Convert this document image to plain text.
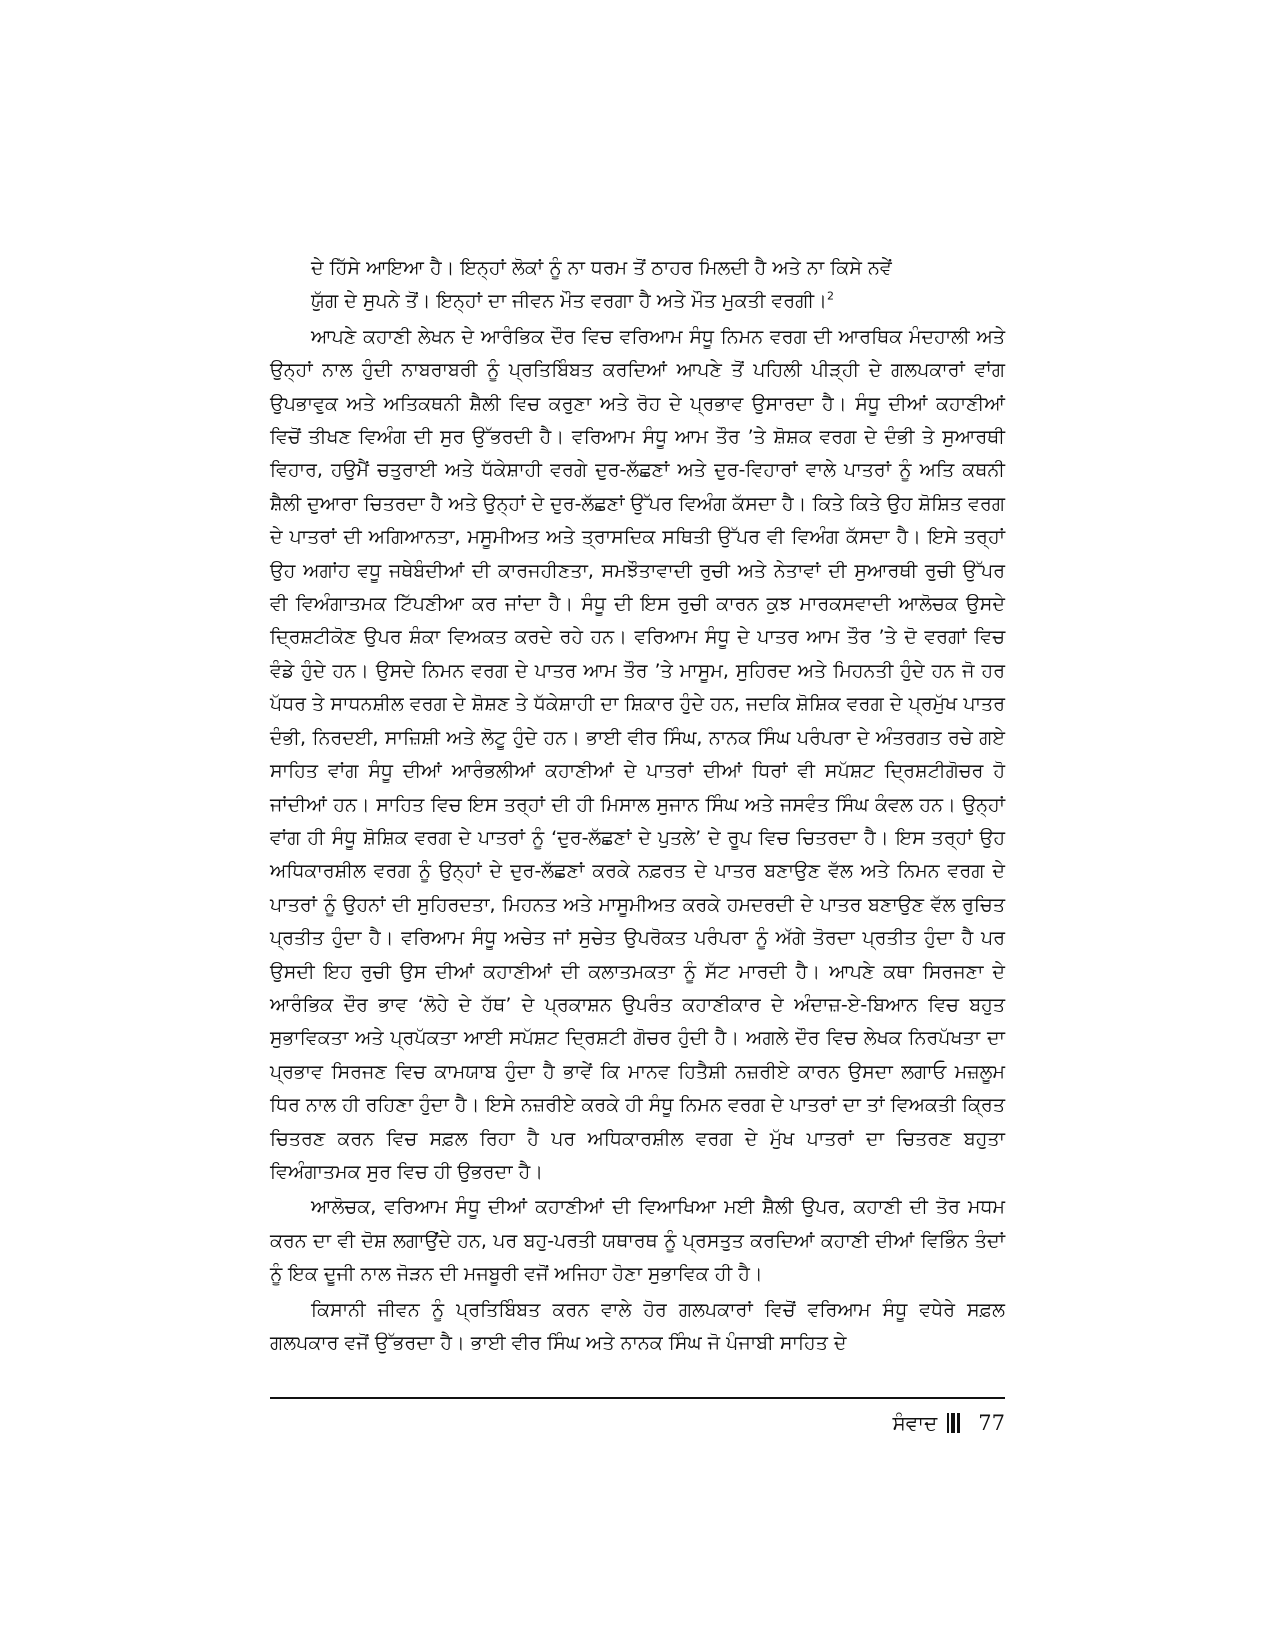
ਦੇ ਹਿੱਸੇ ਆਇਆ ਹੈ। ਇਨ੍ਹਾਂ ਲੋਕਾਂ ਨੂੰ ਨਾ ਧਰਮ ਤੋਂ ਠਾਹਰ ਮਿਲਦੀ ਹੈ ਅਤੇ ਨਾ ਕਿਸੇ ਨਵੇਂ
ਯੁੱਗ ਦੇ ਸੁਪਨੇ ਤੋਂ। ਇਨ੍ਹਾਂ ਦਾ ਜੀਵਨ ਮੌਤ ਵਰਗਾ ਹੈ ਅਤੇ ਮੌਤ ਮੁਕਤੀ ਵਰਗੀ।$^2$

ਆਪਣੇ ਕਹਾਣੀ ਲੇਖਨ ਦੇ ਆਰੰਭਿਕ ਦੌਰ ਵਿਚ ਵਰਿਆਮ ਸੰਧੂ ਨਿਮਨ ਵਰਗ ਦੀ ਆਰਥਿਕ ਮੰਦਹਾਲੀ ਅਤੇ ਉਨ੍ਹਾਂ ਨਾਲ ਹੁੰਦੀ ਨਾਬਰਾਬਰੀ ਨੂੰ ਪ੍ਰਤਿਬਿੰਬਤ ਕਰਦਿਆਂ ਆਪਣੇ ਤੋਂ ਪਹਿਲੀ ਪੀੜ੍ਹੀ ਦੇ ਗਲਪਕਾਰਾਂ ਵਾਂਗ ਉਪਭਾਵੁਕ ਅਤੇ ਅਤਿਕਥਨੀ ਸ਼ੈਲੀ ਵਿਚ ਕਰੁਣਾ ਅਤੇ ਰੋਹ ਦੇ ਪ੍ਰਭਾਵ ਉਸਾਰਦਾ ਹੈ। ਸੰਧੂ ਦੀਆਂ ਕਹਾਣੀਆਂ ਵਿਚੋਂ ਤੀਖਣ ਵਿਅੰਗ ਦੀ ਸੁਰ ਉੱਭਰਦੀ ਹੈ। ਵਰਿਆਮ ਸੰਧੂ ਆਮ ਤੌਰ ’ਤੇ ਸ਼ੋਸ਼ਕ ਵਰਗ ਦੇ ਦੰਭੀ ਤੇ ਸੁਆਰਥੀ ਵਿਹਾਰ, ਹਉਮੈਂ ਚਤੁਰਾਈ ਅਤੇ ਧੱਕੇਸ਼ਾਹੀ ਵਰਗੇ ਦੁਰ-ਲੱਛਣਾਂ ਅਤੇ ਦੁਰ-ਵਿਹਾਰਾਂ ਵਾਲੇ ਪਾਤਰਾਂ ਨੂੰ ਅਤਿ ਕਥਨੀ ਸ਼ੈਲੀ ਦੁਆਰਾ ਚਿਤਰਦਾ ਹੈ ਅਤੇ ਉਨ੍ਹਾਂ ਦੇ ਦੁਰ-ਲੱਛਣਾਂ ਉੱਪਰ ਵਿਅੰਗ ਕੱਸਦਾ ਹੈ। ਕਿਤੇ ਕਿਤੇ ਉਹ ਸ਼ੋਸ਼ਿਤ ਵਰਗ ਦੇ ਪਾਤਰਾਂ ਦੀ ਅਗਿਆਨਤਾ, ਮਸੂਮੀਅਤ ਅਤੇ ਤ੍ਰਾਸਦਿਕ ਸਥਿਤੀ ਉੱਪਰ ਵੀ ਵਿਅੰਗ ਕੱਸਦਾ ਹੈ। ਇਸੇ ਤਰ੍ਹਾਂ ਉਹ ਅਗਾਂਹ ਵਧੂ ਜਥੇਬੰਦੀਆਂ ਦੀ ਕਾਰਜਹੀਣਤਾ, ਸਮਝੌਤਾਵਾਦੀ ਰੁਚੀ ਅਤੇ ਨੇਤਾਵਾਂ ਦੀ ਸੁਆਰਥੀ ਰੁਚੀ ਉੱਪਰ ਵੀ ਵਿਅੰਗਾਤਮਕ ਟਿੱਪਣੀਆ ਕਰ ਜਾਂਦਾ ਹੈ। ਸੰਧੂ ਦੀ ਇਸ ਰੁਚੀ ਕਾਰਨ ਕੁਝ ਮਾਰਕਸਵਾਦੀ ਆਲੋਚਕ ਉਸਦੇ ਦ੍ਰਿਸ਼ਟੀਕੋਣ ਉਪਰ ਸ਼ੰਕਾ ਵਿਅਕਤ ਕਰਦੇ ਰਹੇ ਹਨ। ਵਰਿਆਮ ਸੰਧੂ ਦੇ ਪਾਤਰ ਆਮ ਤੌਰ ’ਤੇ ਦੋ ਵਰਗਾਂ ਵਿਚ ਵੰਡੇ ਹੁੰਦੇ ਹਨ। ਉਸਦੇ ਨਿਮਨ ਵਰਗ ਦੇ ਪਾਤਰ ਆਮ ਤੌਰ ’ਤੇ ਮਾਸੂਮ, ਸੁਹਿਰਦ ਅਤੇ ਮਿਹਨਤੀ ਹੁੰਦੇ ਹਨ ਜੋ ਹਰ ਪੱਧਰ ਤੇ ਸਾਧਨਸ਼ੀਲ ਵਰਗ ਦੇ ਸ਼ੋਸ਼ਣ ਤੇ ਧੱਕੇਸ਼ਾਹੀ ਦਾ ਸ਼ਿਕਾਰ ਹੁੰਦੇ ਹਨ, ਜਦਕਿ ਸ਼ੋਸ਼ਿਕ ਵਰਗ ਦੇ ਪ੍ਰਮੁੱਖ ਪਾਤਰ ਦੰਭੀ, ਨਿਰਦਈ, ਸਾਜ਼ਿਸ਼ੀ ਅਤੇ ਲੋਟੂ ਹੁੰਦੇ ਹਨ। ਭਾਈ ਵੀਰ ਸਿੰਘ, ਨਾਨਕ ਸਿੰਘ ਪਰੰਪਰਾ ਦੇ ਅੰਤਰਗਤ ਰਚੇ ਗਏ ਸਾਹਿਤ ਵਾਂਗ ਸੰਧੂ ਦੀਆਂ ਆਰੰਭਲੀਆਂ ਕਹਾਣੀਆਂ ਦੇ ਪਾਤਰਾਂ ਦੀਆਂ ਧਿਰਾਂ ਵੀ ਸਪੱਸ਼ਟ ਦ੍ਰਿਸ਼ਟੀਗੋਚਰ ਹੋ ਜਾਂਦੀਆਂ ਹਨ। ਸਾਹਿਤ ਵਿਚ ਇਸ ਤਰ੍ਹਾਂ ਦੀ ਹੀ ਮਿਸਾਲ ਸੁਜਾਨ ਸਿੰਘ ਅਤੇ ਜਸਵੰਤ ਸਿੰਘ ਕੰਵਲ ਹਨ। ਉਨ੍ਹਾਂ ਵਾਂਗ ਹੀ ਸੰਧੂ ਸ਼ੋਸ਼ਿਕ ਵਰਗ ਦੇ ਪਾਤਰਾਂ ਨੂੰ ‘ਦੁਰ-ਲੱਛਣਾਂ ਦੇ ਪੁਤਲੇ’ ਦੇ ਰੂਪ ਵਿਚ ਚਿਤਰਦਾ ਹੈ। ਇਸ ਤਰ੍ਹਾਂ ਉਹ ਅਧਿਕਾਰਸ਼ੀਲ ਵਰਗ ਨੂੰ ਉਨ੍ਹਾਂ ਦੇ ਦੁਰ-ਲੱਛਣਾਂ ਕਰਕੇ ਨਫ਼ਰਤ ਦੇ ਪਾਤਰ ਬਣਾਉਣ ਵੱਲ ਅਤੇ ਨਿਮਨ ਵਰਗ ਦੇ ਪਾਤਰਾਂ ਨੂੰ ਉਹਨਾਂ ਦੀ ਸੁਹਿਰਦਤਾ, ਮਿਹਨਤ ਅਤੇ ਮਾਸੂਮੀਅਤ ਕਰਕੇ ਹਮਦਰਦੀ ਦੇ ਪਾਤਰ ਬਣਾਉਣ ਵੱਲ ਰੁਚਿਤ ਪ੍ਰਤੀਤ ਹੁੰਦਾ ਹੈ। ਵਰਿਆਮ ਸੰਧੂ ਅਚੇਤ ਜਾਂ ਸੁਚੇਤ ਉਪਰੋਕਤ ਪਰੰਪਰਾ ਨੂੰ ਅੱਗੇ ਤੋਰਦਾ ਪ੍ਰਤੀਤ ਹੁੰਦਾ ਹੈ ਪਰ ਉਸਦੀ ਇਹ ਰੁਚੀ ਉਸ ਦੀਆਂ ਕਹਾਣੀਆਂ ਦੀ ਕਲਾਤਮਕਤਾ ਨੂੰ ਸੱਟ ਮਾਰਦੀ ਹੈ। ਆਪਣੇ ਕਥਾ ਸਿਰਜਣਾ ਦੇ ਆਰੰਭਿਕ ਦੌਰ ਭਾਵ ‘ਲੋਹੇ ਦੇ ਹੱਥ’ ਦੇ ਪ੍ਰਕਾਸ਼ਨ ਉਪਰੰਤ ਕਹਾਣੀਕਾਰ ਦੇ ਅੰਦਾਜ਼-ਏ-ਬਿਆਨ ਵਿਚ ਬਹੁਤ ਸੁਭਾਵਿਕਤਾ ਅਤੇ ਪ੍ਰਪੱਕਤਾ ਆਈ ਸਪੱਸ਼ਟ ਦ੍ਰਿਸ਼ਟੀ ਗੋਚਰ ਹੁੰਦੀ ਹੈ। ਅਗਲੇ ਦੌਰ ਵਿਚ ਲੇਖਕ ਨਿਰਪੱਖਤਾ ਦਾ ਪ੍ਰਭਾਵ ਸਿਰਜਣ ਵਿਚ ਕਾਮਯਾਬ ਹੁੰਦਾ ਹੈ ਭਾਵੇਂ ਕਿ ਮਾਨਵ ਹਿਤੈਸ਼ੀ ਨਜ਼ਰੀਏ ਕਾਰਨ ਉਸਦਾ ਲਗਾਓ ਮਜ਼ਲੂਮ ਧਿਰ ਨਾਲ ਹੀ ਰਹਿਣਾ ਹੁੰਦਾ ਹੈ। ਇਸੇ ਨਜ਼ਰੀਏ ਕਰਕੇ ਹੀ ਸੰਧੂ ਨਿਮਨ ਵਰਗ ਦੇ ਪਾਤਰਾਂ ਦਾ ਤਾਂ ਵਿਅਕਤੀ ਕ੍ਰਿਤ ਚਿਤਰਣ ਕਰਨ ਵਿਚ ਸਫ਼ਲ ਰਿਹਾ ਹੈ ਪਰ ਅਧਿਕਾਰਸ਼ੀਲ ਵਰਗ ਦੇ ਮੁੱਖ ਪਾਤਰਾਂ ਦਾ ਚਿਤਰਣ ਬਹੁਤਾ ਵਿਅੰਗਾਤਮਕ ਸੁਰ ਵਿਚ ਹੀ ਉਭਰਦਾ ਹੈ।

ਆਲੋਚਕ, ਵਰਿਆਮ ਸੰਧੂ ਦੀਆਂ ਕਹਾਣੀਆਂ ਦੀ ਵਿਆਖਿਆ ਮਈ ਸ਼ੈਲੀ ਉਪਰ, ਕਹਾਣੀ ਦੀ ਤੋਰ ਮਧਮ ਕਰਨ ਦਾ ਵੀ ਦੋਸ਼ ਲਗਾਉਂਦੇ ਹਨ, ਪਰ ਬਹੁ-ਪਰਤੀ ਯਥਾਰਥ ਨੂੰ ਪ੍ਰਸਤੁਤ ਕਰਦਿਆਂ ਕਹਾਣੀ ਦੀਆਂ ਵਿਭਿੰਨ ਤੰਦਾਂ ਨੂੰ ਇਕ ਦੂਜੀ ਨਾਲ ਜੋੜਨ ਦੀ ਮਜਬੂਰੀ ਵਜੋਂ ਅਜਿਹਾ ਹੋਣਾ ਸੁਭਾਵਿਕ ਹੀ ਹੈ।

ਕਿਸਾਨੀ ਜੀਵਨ ਨੂੰ ਪ੍ਰਤਿਬਿੰਬਤ ਕਰਨ ਵਾਲੇ ਹੋਰ ਗਲਪਕਾਰਾਂ ਵਿਚੋਂ ਵਰਿਆਮ ਸੰਧੂ ਵਧੇਰੇ ਸਫ਼ਲ ਗਲਪਕਾਰ ਵਜੋਂ ਉੱਭਰਦਾ ਹੈ। ਭਾਈ ਵੀਰ ਸਿੰਘ ਅਤੇ ਨਾਨਕ ਸਿੰਘ ਜੋ ਪੰਜਾਬੀ ਸਾਹਿਤ ਦੇ

ਸੰਵਾਦ 77
